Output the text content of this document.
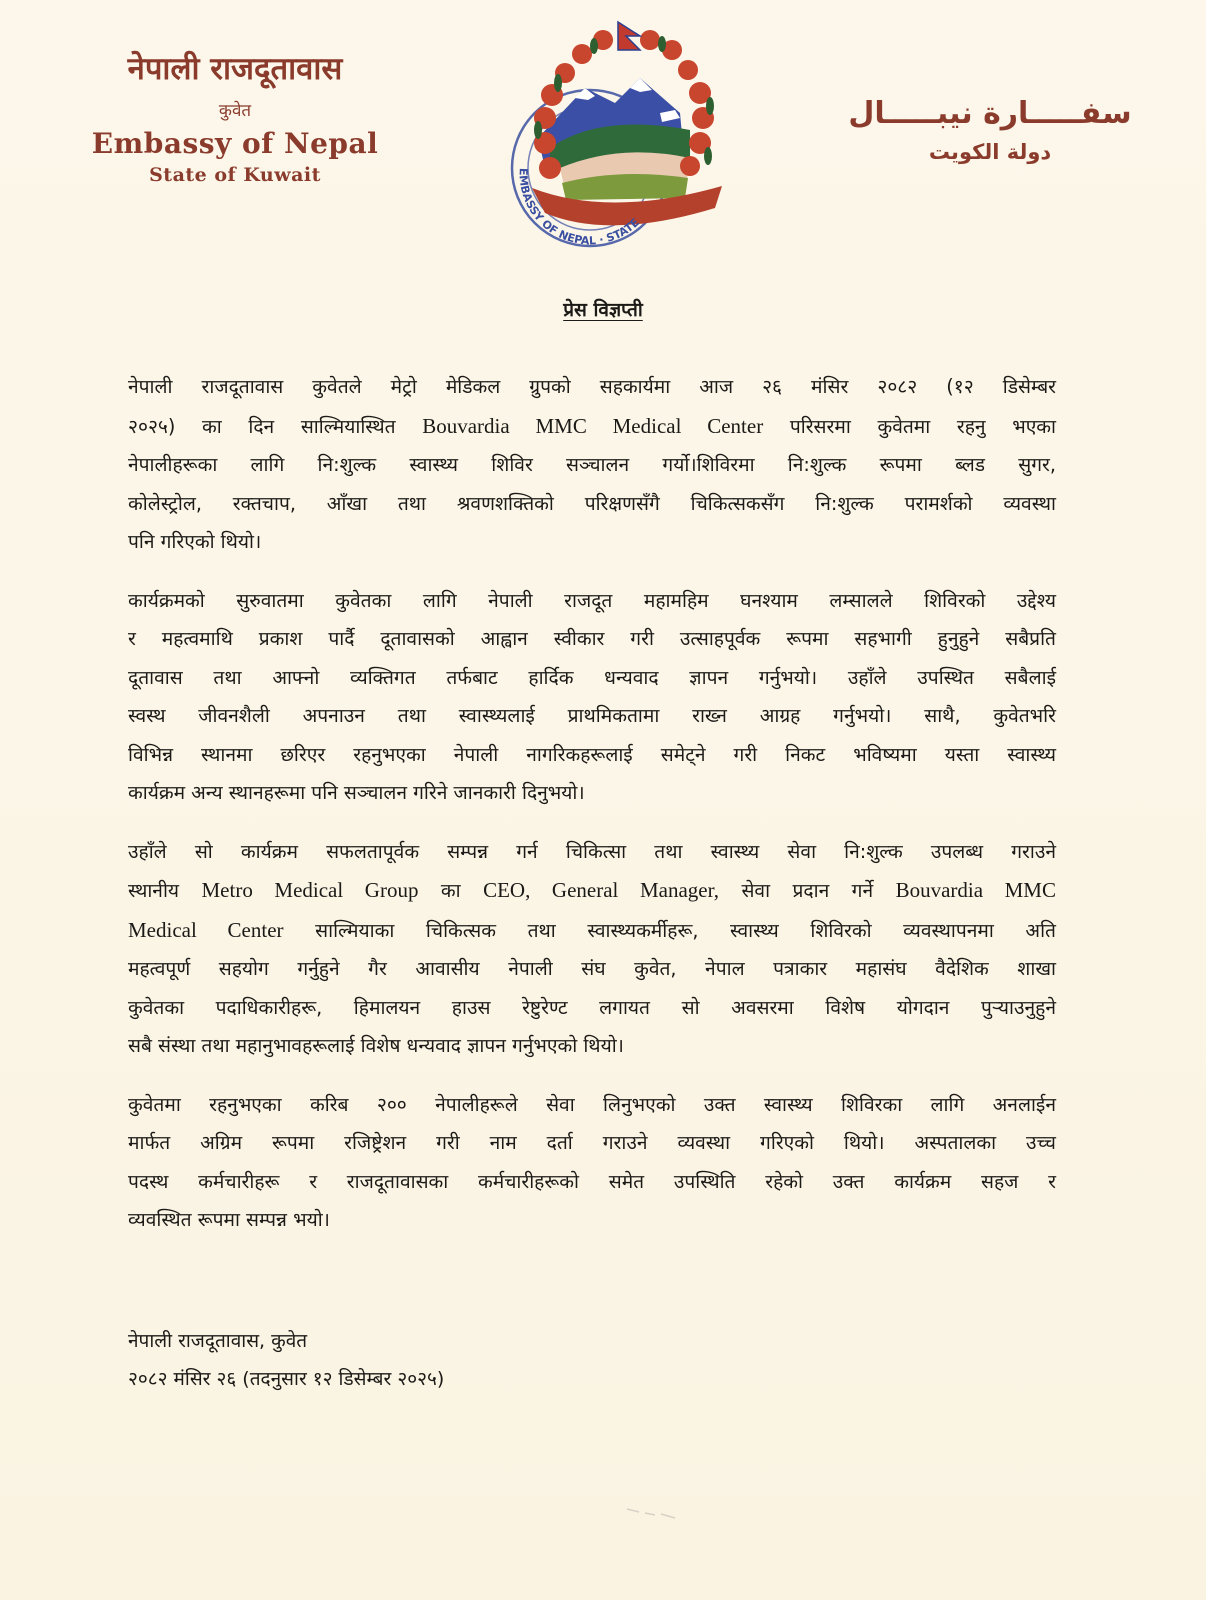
नेपाली राजदूतावास
कुवेत
Embassy of Nepal
State of Kuwait	EMBASSY OF NEPAL · STATE
سفـــــارة نيبـــــال
دولة الكويت
प्रेस विज्ञप्ती
नेपाली राजदूतावास कुवेतले मेट्रो मेडिकल ग्रुपको सहकार्यमा आज २६ मंसिर २०८२ (१२ डिसेम्बर
२०२५) का दिन साल्मियास्थित Bouvardia MMC Medical Center परिसरमा कुवेतमा रहनु भएका
नेपालीहरूका लागि नि:शुल्क स्वास्थ्य शिविर सञ्चालन गर्यो।शिविरमा नि:शुल्क रूपमा ब्लड सुगर,
कोलेस्ट्रोल, रक्तचाप, आँखा तथा श्रवणशक्तिको परिक्षणसँगै चिकित्सकसँग नि:शुल्क परामर्शको व्यवस्था
पनि गरिएको थियो।
कार्यक्रमको सुरुवातमा कुवेतका लागि नेपाली राजदूत महामहिम घनश्याम लम्सालले शिविरको उद्देश्य
र महत्वमाथि प्रकाश पार्दै दूतावासको आह्वान स्वीकार गरी उत्साहपूर्वक रूपमा सहभागी हुनुहुने सबैप्रति
दूतावास तथा आफ्नो व्यक्तिगत तर्फबाट हार्दिक धन्यवाद ज्ञापन गर्नुभयो। उहाँले उपस्थित सबैलाई
स्वस्थ जीवनशैली अपनाउन तथा स्वास्थ्यलाई प्राथमिकतामा राख्न आग्रह गर्नुभयो। साथै, कुवेतभरि
विभिन्न स्थानमा छरिएर रहनुभएका नेपाली नागरिकहरूलाई समेट्ने गरी निकट भविष्यमा यस्ता स्वास्थ्य
कार्यक्रम अन्य स्थानहरूमा पनि सञ्चालन गरिने जानकारी दिनुभयो।
उहाँले सो कार्यक्रम सफलतापूर्वक सम्पन्न गर्न चिकित्सा तथा स्वास्थ्य सेवा नि:शुल्क उपलब्ध गराउने
स्थानीय Metro Medical Group का CEO, General Manager, सेवा प्रदान गर्ने Bouvardia MMC
Medical Center साल्मियाका चिकित्सक तथा स्वास्थ्यकर्मीहरू, स्वास्थ्य शिविरको व्यवस्थापनमा अति
महत्वपूर्ण सहयोग गर्नुहुने गैर आवासीय नेपाली संघ कुवेत, नेपाल पत्राकार महासंघ वैदेशिक शाखा
कुवेतका पदाधिकारीहरू, हिमालयन हाउस रेष्टुरेण्ट लगायत सो अवसरमा विशेष योगदान पुऱ्याउनुहुने
सबै संस्था तथा महानुभावहरूलाई विशेष धन्यवाद ज्ञापन गर्नुभएको थियो।
कुवेतमा रहनुभएका करिब २०० नेपालीहरूले सेवा लिनुभएको उक्त स्वास्थ्य शिविरका लागि अनलाईन
मार्फत अग्रिम रूपमा रजिष्ट्रेशन गरी नाम दर्ता गराउने व्यवस्था गरिएको थियो। अस्पतालका उच्च
पदस्थ कर्मचारीहरू र राजदूतावासका कर्मचारीहरूको समेत उपस्थिति रहेको उक्त कार्यक्रम सहज र
व्यवस्थित रूपमा सम्पन्न भयो।
नेपाली राजदूतावास, कुवेत
२०८२ मंसिर २६ (तदनुसार १२ डिसेम्बर २०२५)
